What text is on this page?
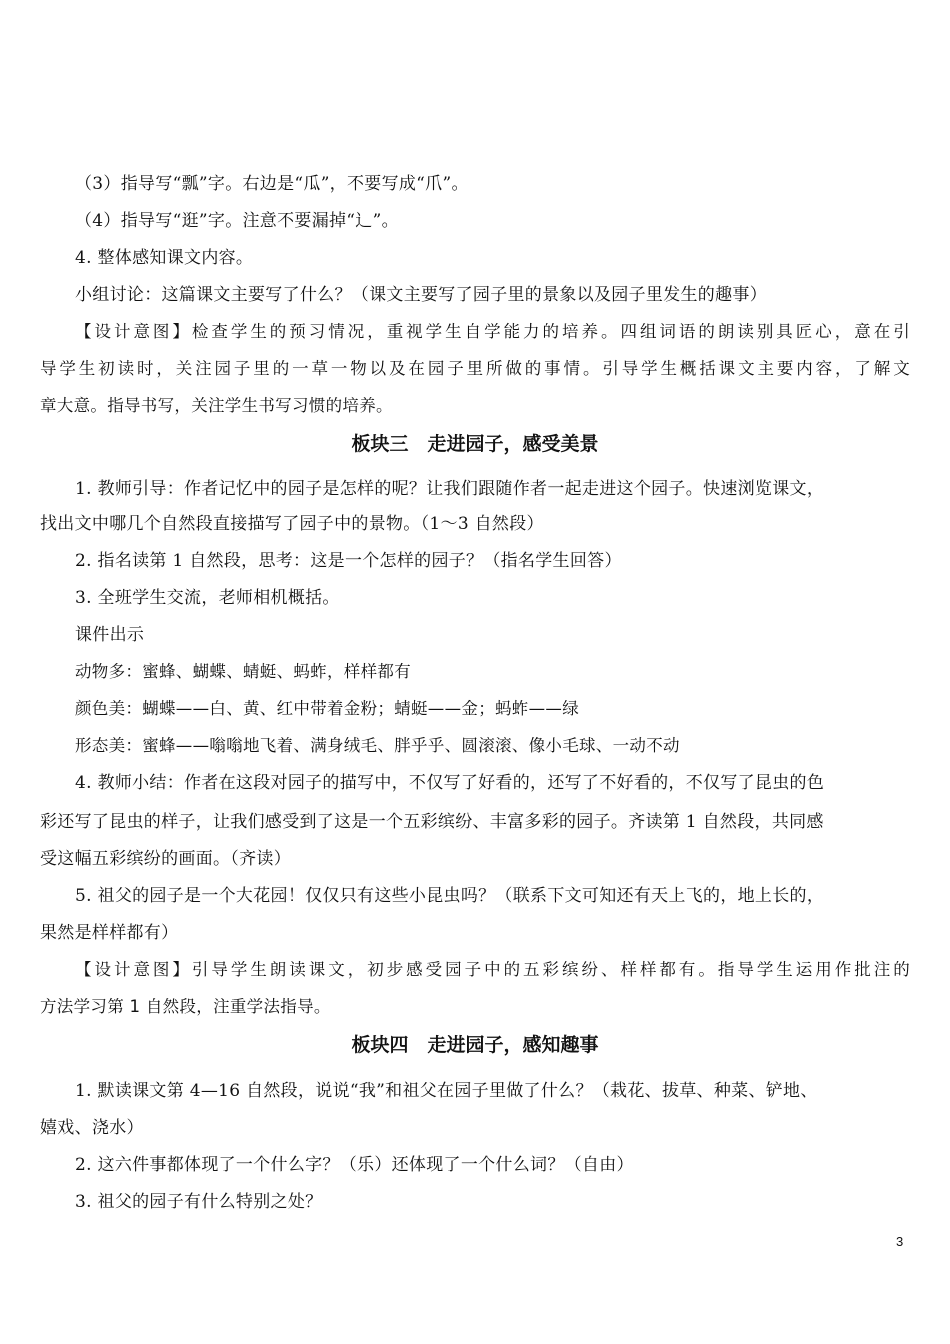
（3）指导写“瓢”字。右边是“瓜”，不要写成“爪”。
（4）指导写“逛”字。注意不要漏掉“辶”。
4. 整体感知课文内容。
小组讨论：这篇课文主要写了什么？（课文主要写了园子里的景象以及园子里发生的趣事）
【设计意图】检查学生的预习情况，重视学生自学能力的培养。四组词语的朗读别具匠心，意在引
导学生初读时，关注园子里的一草一物以及在园子里所做的事情。引导学生概括课文主要内容，了解文
章大意。指导书写，关注学生书写习惯的培养。
板块三　走进园子，感受美景
1. 教师引导：作者记忆中的园子是怎样的呢？让我们跟随作者一起走进这个园子。快速浏览课文，
找出文中哪几个自然段直接描写了园子中的景物。（1～3 自然段）
2. 指名读第 1 自然段，思考：这是一个怎样的园子？（指名学生回答）
3. 全班学生交流，老师相机概括。
课件出示
动物多：蜜蜂、蝴蝶、蜻蜓、蚂蚱，样样都有
颜色美：蝴蝶——白、黄、红中带着金粉；蜻蜓——金；蚂蚱——绿
形态美：蜜蜂——嗡嗡地飞着、满身绒毛、胖乎乎、圆滚滚、像小毛球、一动不动
4. 教师小结：作者在这段对园子的描写中，不仅写了好看的，还写了不好看的，不仅写了昆虫的色
彩还写了昆虫的样子，让我们感受到了这是一个五彩缤纷、丰富多彩的园子。齐读第 1 自然段，共同感
受这幅五彩缤纷的画面。（齐读）
5. 祖父的园子是一个大花园！仅仅只有这些小昆虫吗？（联系下文可知还有天上飞的，地上长的，
果然是样样都有）
【设计意图】引导学生朗读课文，初步感受园子中的五彩缤纷、样样都有。指导学生运用作批注的
方法学习第 1 自然段，注重学法指导。
板块四　走进园子，感知趣事
1. 默读课文第 4—16 自然段，说说“我”和祖父在园子里做了什么？（栽花、拔草、种菜、铲地、
嬉戏、浇水）
2. 这六件事都体现了一个什么字？（乐）还体现了一个什么词？（自由）
3. 祖父的园子有什么特别之处？
3
